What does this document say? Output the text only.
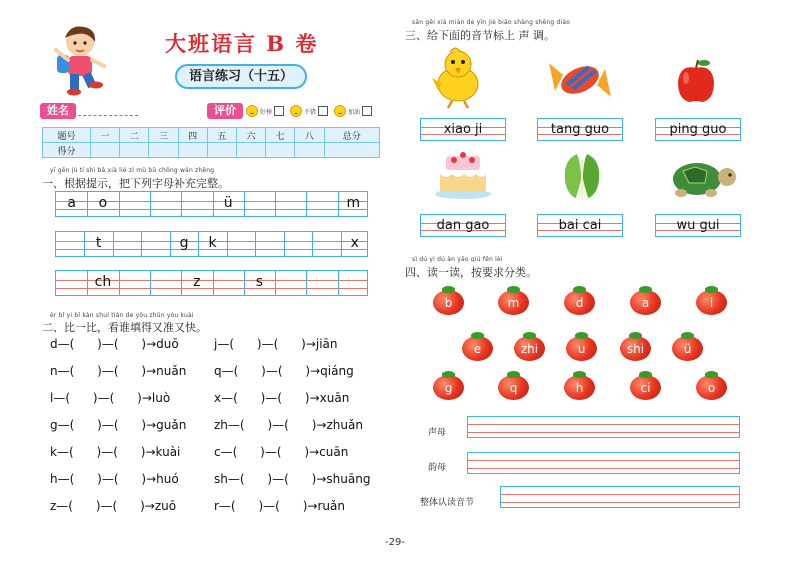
大班语言 B 卷
语言练习（十五）
姓名	评价	好棒	不错	加油
题号	一	二	三	四	五	六	七	八	总分
得分									
yī gēn jù tí shì bǎ xià liè zì mǔ bǔ chōng wán zhěng
一、根据提示，把下列字母补充完整。
a	o	ü	m
t	g	k	x
ch	z	s
èr bǐ yi bǐ kàn shuí tián de yòu zhǔn yòu kuài
二、比一比，看谁填得又准又快。
d—(      )—(      )→duō
n—(      )—(      )→nuǎn
l—(      )—(      )→luò
g—(      )—(      )→guǎn
k—(      )—(      )→kuài
h—(      )—(      )→huó
z—(      )—(      )→zuō
j—(      )—(      )→jiān
q—(      )—(      )→qiáng
x—(      )—(      )→xuān
zh—(      )—(      )→zhuǎn
c—(      )—(      )→cuān
sh—(      )—(      )→shuāng
r—(      )—(      )→ruǎn
sān gěi xià miàn de yīn jié biāo shàng shēng diào
三、给下面的音节标上 声 调。
xiao ji	tang guo	ping guo
dan gao	bai cai	wu gui
sì dú yi dú àn yāo qiú fēn lèi
四、读一读，按要求分类。
b	m	d	a	i
e	zhi	u	shi	ü
g	q	h	ci	o
声母
韵母
整体认读音节
-29-
